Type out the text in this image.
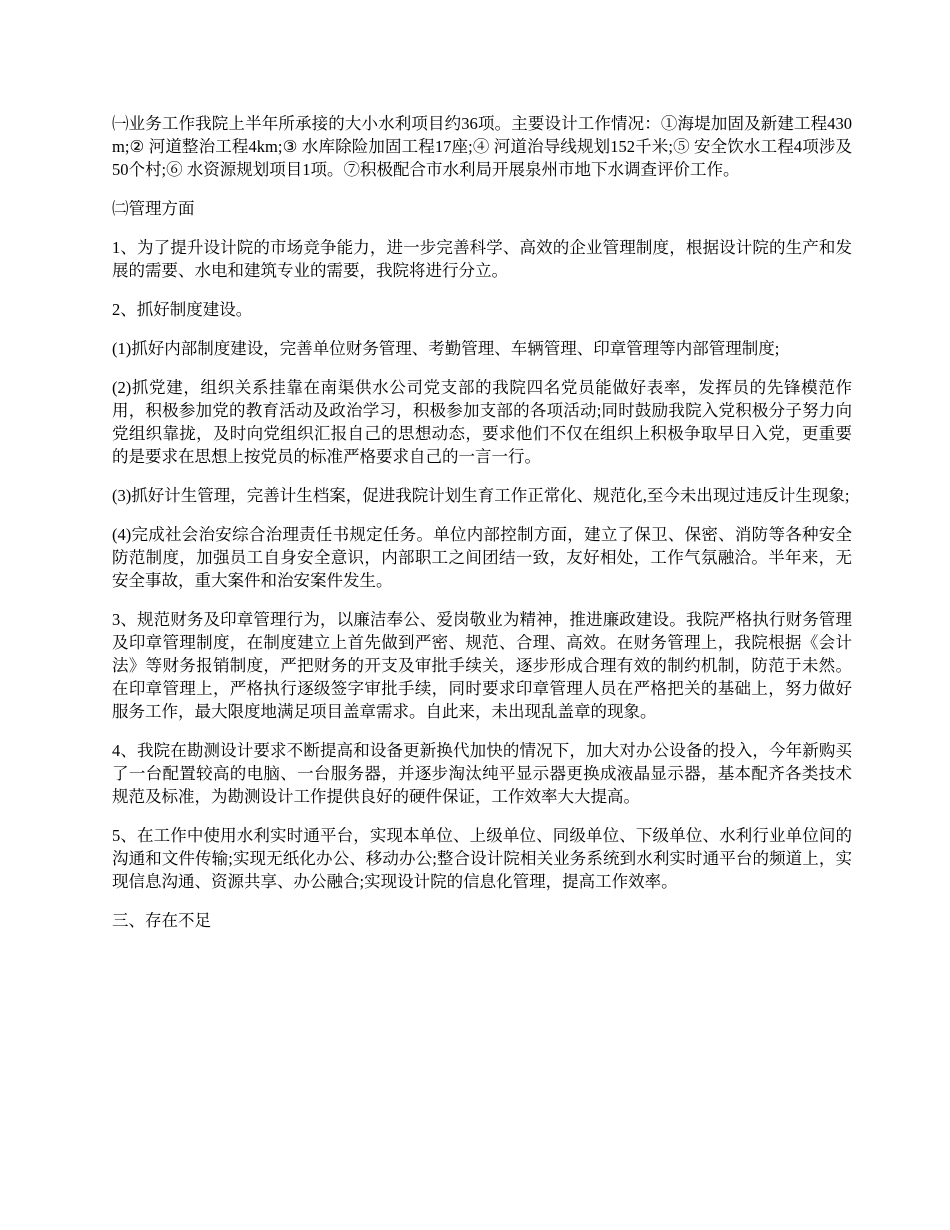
㈠业务工作我院上半年所承接的大小水利项目约36项。主要设计工作情况：①海堤加固及新建工程430m;② 河道整治工程4km;③ 水库除险加固工程17座;④ 河道治导线规划152千米;⑤ 安全饮水工程4项涉及50个村;⑥ 水资源规划项目1项。⑦积极配合市水利局开展泉州市地下水调查评价工作。

㈡管理方面

1、为了提升设计院的市场竞争能力，进一步完善科学、高效的企业管理制度，根据设计院的生产和发展的需要、水电和建筑专业的需要，我院将进行分立。

2、抓好制度建设。

(1)抓好内部制度建设，完善单位财务管理、考勤管理、车辆管理、印章管理等内部管理制度;

(2)抓党建，组织关系挂靠在南渠供水公司党支部的我院四名党员能做好表率，发挥员的先锋模范作用，积极参加党的教育活动及政治学习，积极参加支部的各项活动;同时鼓励我院入党积极分子努力向党组织靠拢，及时向党组织汇报自己的思想动态，要求他们不仅在组织上积极争取早日入党，更重要的是要求在思想上按党员的标准严格要求自己的一言一行。

(3)抓好计生管理，完善计生档案，促进我院计划生育工作正常化、规范化,至今未出现过违反计生现象;

(4)完成社会治安综合治理责任书规定任务。单位内部控制方面，建立了保卫、保密、消防等各种安全防范制度，加强员工自身安全意识，内部职工之间团结一致，友好相处，工作气氛融洽。半年来，无安全事故，重大案件和治安案件发生。

3、规范财务及印章管理行为，以廉洁奉公、爱岗敬业为精神，推进廉政建设。我院严格执行财务管理及印章管理制度，在制度建立上首先做到严密、规范、合理、高效。在财务管理上，我院根据《会计法》等财务报销制度，严把财务的开支及审批手续关，逐步形成合理有效的制约机制，防范于未然。在印章管理上，严格执行逐级签字审批手续，同时要求印章管理人员在严格把关的基础上，努力做好服务工作，最大限度地满足项目盖章需求。自此来，未出现乱盖章的现象。

4、我院在勘测设计要求不断提高和设备更新换代加快的情况下，加大对办公设备的投入，今年新购买了一台配置较高的电脑、一台服务器，并逐步淘汰纯平显示器更换成液晶显示器，基本配齐各类技术规范及标准，为勘测设计工作提供良好的硬件保证，工作效率大大提高。

5、在工作中使用水利实时通平台，实现本单位、上级单位、同级单位、下级单位、水利行业单位间的沟通和文件传输;实现无纸化办公、移动办公;整合设计院相关业务系统到水利实时通平台的频道上，实现信息沟通、资源共享、办公融合;实现设计院的信息化管理，提高工作效率。

三、存在不足
